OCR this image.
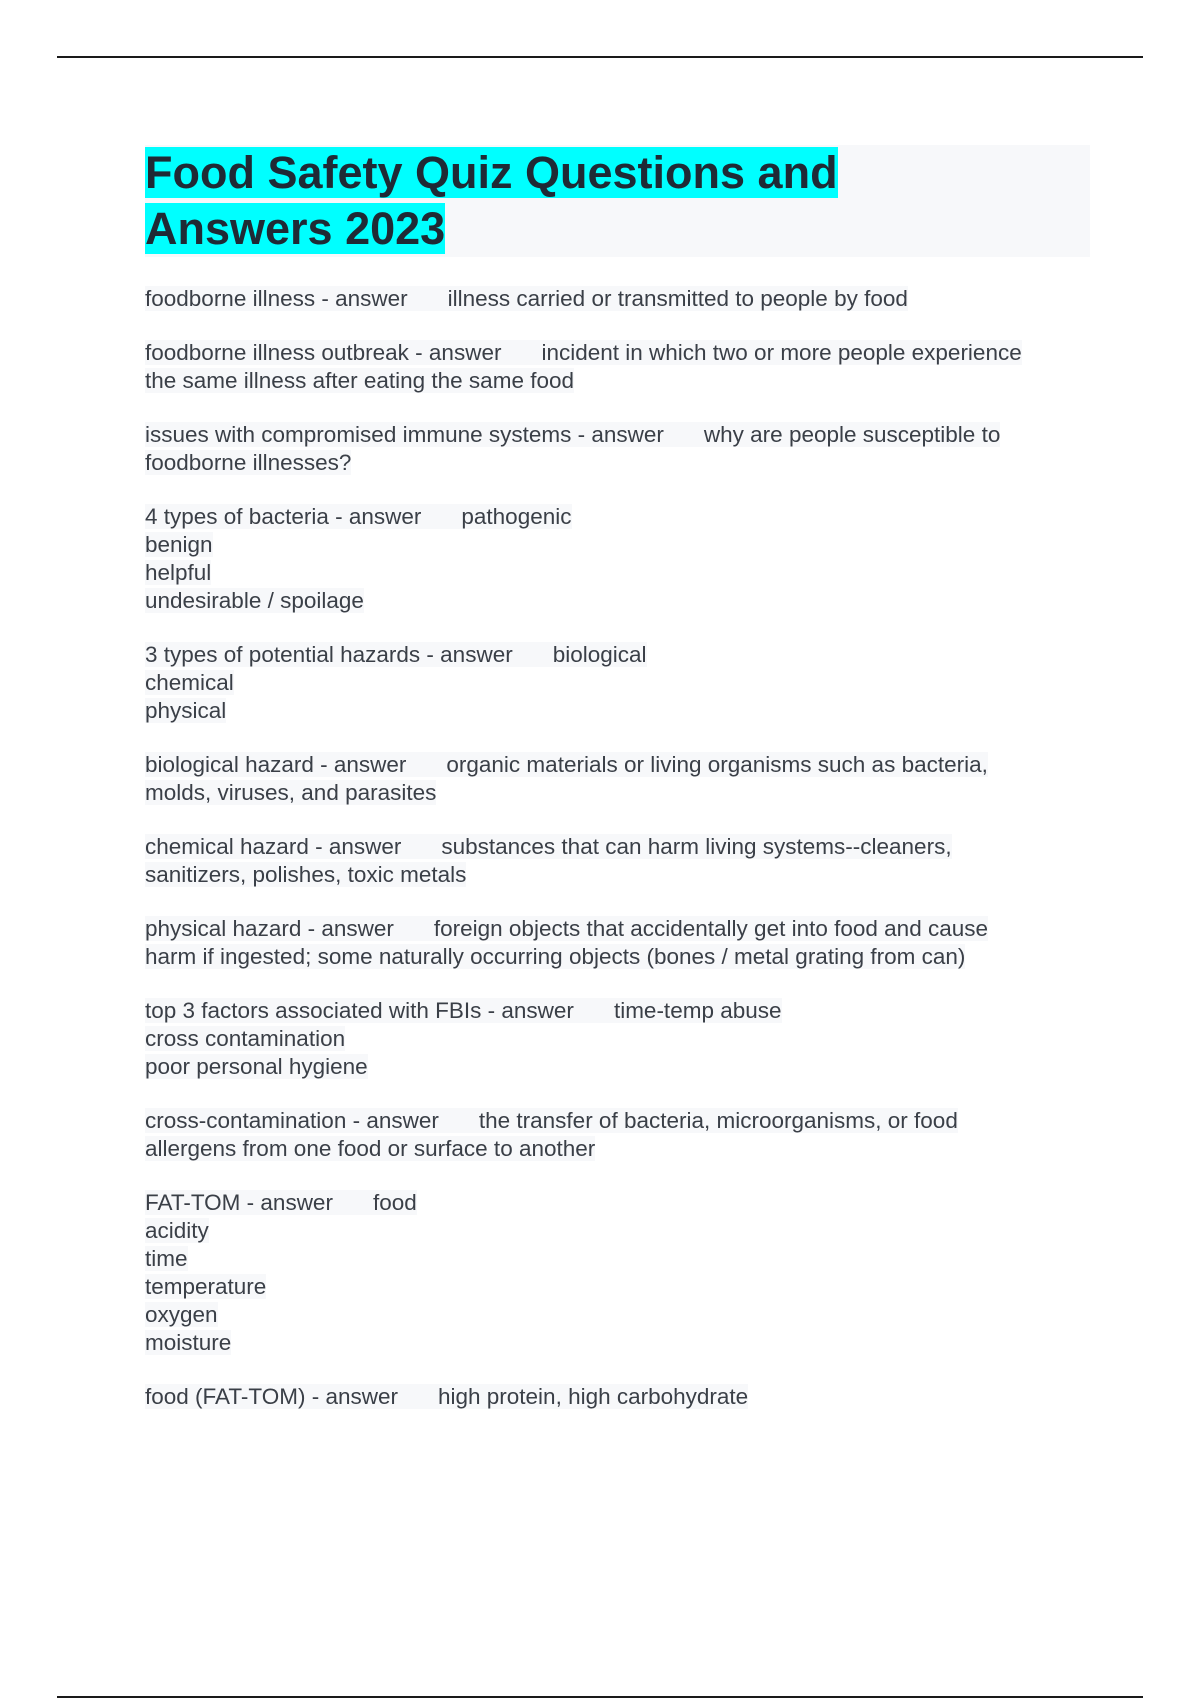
Food Safety Quiz Questions and
Answers 2023

foodborne illness - answer illness carried or transmitted to people by food

foodborne illness outbreak - answer incident in which two or more people experience
the same illness after eating the same food

issues with compromised immune systems - answer why are people susceptible to
foodborne illnesses?

4 types of bacteria - answer pathogenic
benign
helpful
undesirable / spoilage

3 types of potential hazards - answer biological
chemical
physical

biological hazard - answer organic materials or living organisms such as bacteria,
molds, viruses, and parasites

chemical hazard - answer substances that can harm living systems--cleaners,
sanitizers, polishes, toxic metals

physical hazard - answer foreign objects that accidentally get into food and cause
harm if ingested; some naturally occurring objects (bones / metal grating from can)

top 3 factors associated with FBIs - answer time-temp abuse
cross contamination
poor personal hygiene

cross-contamination - answer the transfer of bacteria, microorganisms, or food
allergens from one food or surface to another

FAT-TOM - answer food
acidity
time
temperature
oxygen
moisture

food (FAT-TOM) - answer high protein, high carbohydrate
